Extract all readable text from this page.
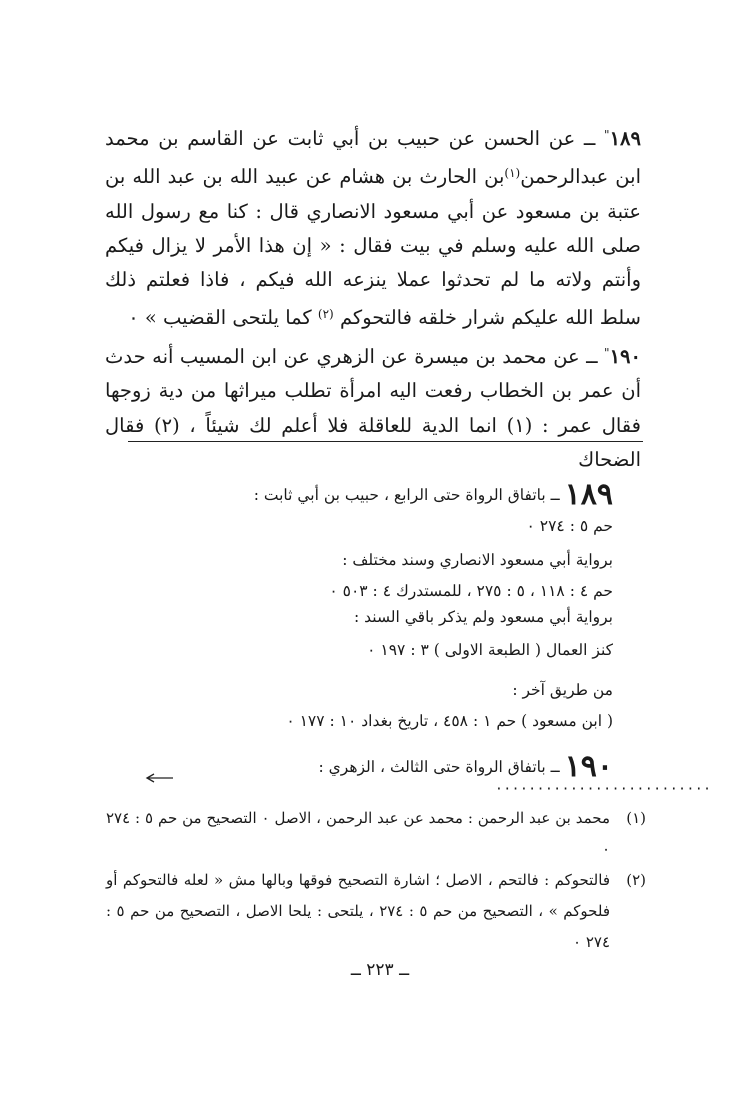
١٨٩" ــ عن الحسن عن حبيب بن أبي ثابت عن القاسم بن محمد ابن عبدالرحمن$^{(١)}$بن الحارث بن هشام عن عبيد الله بن عبد الله بن عتبة بن مسعود عن أبي مسعود الانصاري قال : كنا مع رسول الله صلى الله عليه وسلم في بيت فقال : « إن هذا الأمر لا يزال فيكم وأنتم ولاته ما لم تحدثوا عملا ينزعه الله فيكم ، فاذا فعلتم ذلك سلط الله عليكم شرار خلقه فالتحوكم $^{(٢)}$ كما يلتحى القضيب » ٠

١٩٠" ــ عن محمد بن ميسرة عن الزهري عن ابن المسيب أنه حدث أن عمر بن الخطاب رفعت اليه امرأة تطلب ميراثها من دية زوجها فقال عمر : (١) انما الدية للعاقلة فلا أعلم لك شيئاً ، (٢) فقال الضحاك

١٨٩ ــ باتفاق الرواة حتى الرابع ، حبيب بن أبي ثابت :
حم ٥ : ٢٧٤ ٠
برواية أبي مسعود الانصاري وسند مختلف :
حم ٤ : ١١٨ ، ٥ : ٢٧٥ ، للمستدرك ٤ : ٥٠٣ ٠
برواية أبي مسعود ولم يذكر باقي السند :
كنز العمال ( الطبعة الاولى ) ٣ : ١٩٧ ٠
من طريق آخر :
( ابن مسعود ) حم ١ : ٤٥٨ ، تاريخ بغداد ١٠ : ١٧٧ ٠
١٩٠ ــ باتفاق الرواة حتى الثالث ، الزهري :
··························
(١)
محمد بن عبد الرحمن : محمد عن عبد الرحمن ، الاصل ٠ التصحيح من حم ٥ : ٢٧٤ ٠
(٢)
فالتحوكم : فالتحم ، الاصل ؛ اشارة التصحيح فوقها وبالها مش « لعله فالتحوكم أو فلحوكم » ، التصحيح من حم ٥ : ٢٧٤ ، يلتحى : يلحا الاصل ، التصحيح من حم ٥ : ٢٧٤ ٠
ــ ٢٢٣ ــ
